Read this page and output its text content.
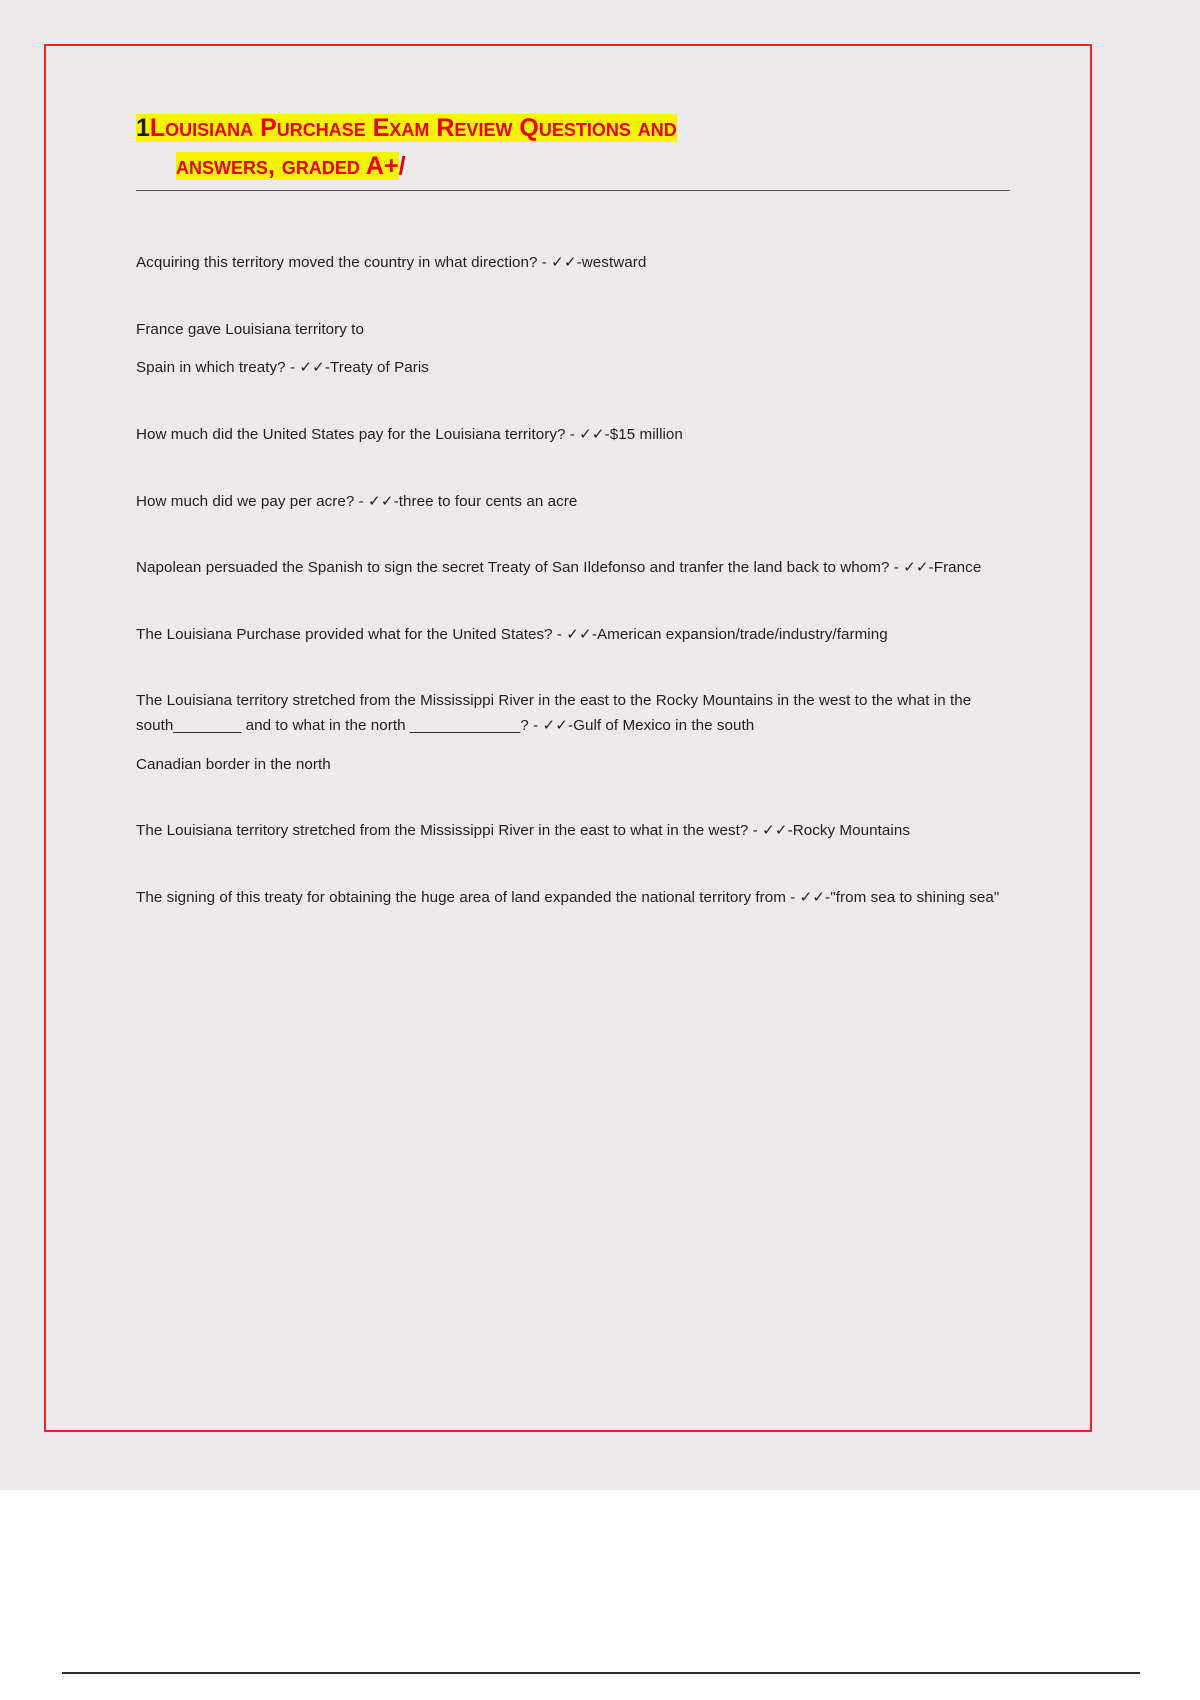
1Louisiana Purchase Exam Review Questions and
answers, graded A+/

Acquiring this territory moved the country in what direction? - ✓✓-westward

France gave Louisiana territory to

Spain in which treaty? - ✓✓-Treaty of Paris

How much did the United States pay for the Louisiana territory? - ✓✓-$15 million

How much did we pay per acre? - ✓✓-three to four cents an acre

Napolean persuaded the Spanish to sign the secret Treaty of San Ildefonso and tranfer the land back to whom? - ✓✓-France

The Louisiana Purchase provided what for the United States? - ✓✓-American expansion/trade/industry/farming

The Louisiana territory stretched from the Mississippi River in the east to the Rocky Mountains in the west to the what in the south________ and to what in the north _____________? - ✓✓-Gulf of Mexico in the south

Canadian border in the north

The Louisiana territory stretched from the Mississippi River in the east to what in the west? - ✓✓-Rocky Mountains

The signing of this treaty for obtaining the huge area of land expanded the national territory from - ✓✓-"from sea to shining sea"
